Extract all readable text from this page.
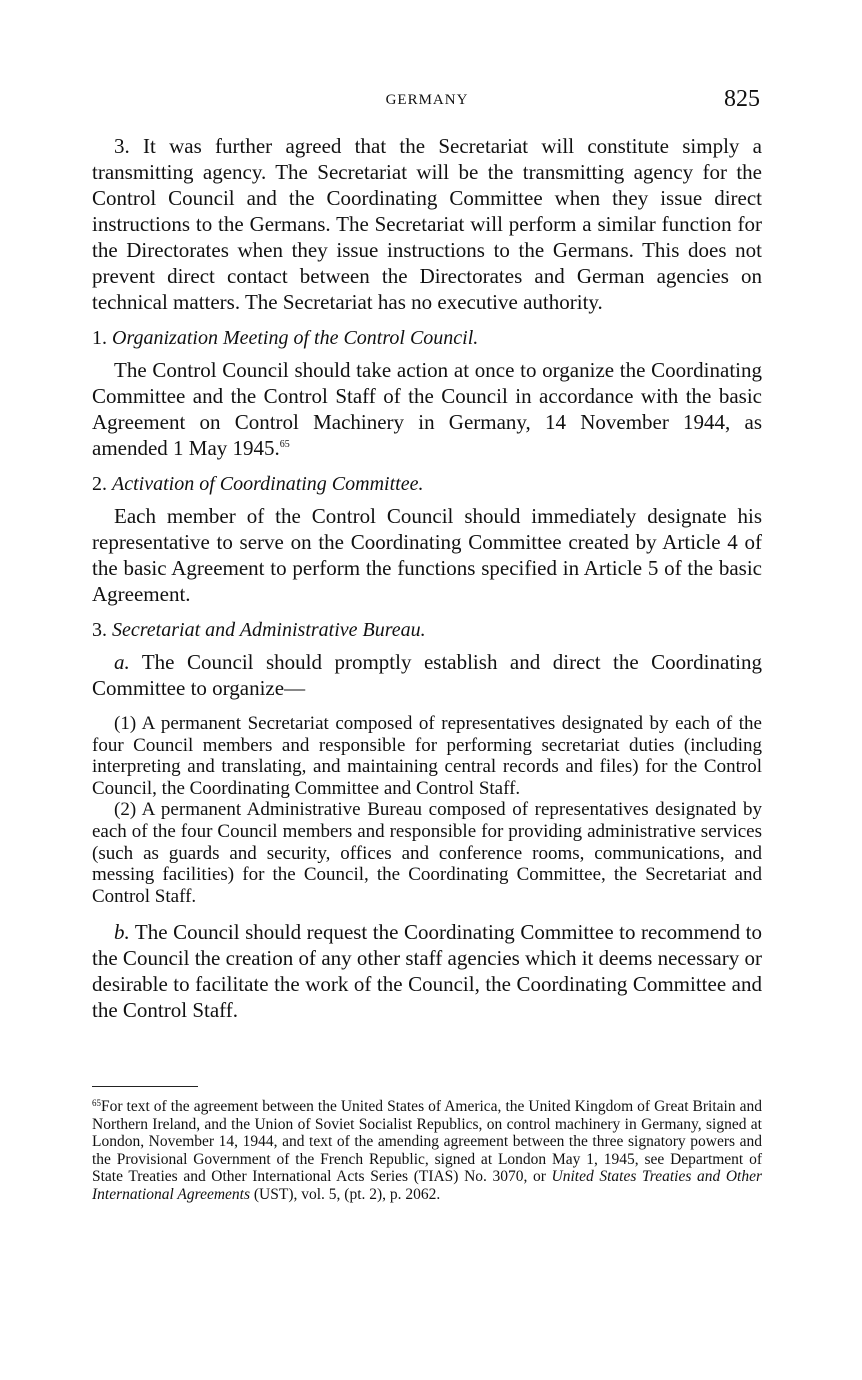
GERMANY	825

3. It was further agreed that the Secretariat will constitute simply a transmitting agency. The Secretariat will be the transmitting agency for the Control Council and the Coordinating Committee when they issue direct instructions to the Germans. The Secretariat will perform a similar function for the Directorates when they issue instructions to the Germans. This does not prevent direct contact between the Directorates and German agencies on technical matters. The Secretariat has no executive authority.

1. Organization Meeting of the Control Council.

The Control Council should take action at once to organize the Coordinating Committee and the Control Staff of the Council in accordance with the basic Agreement on Control Machinery in Germany, 14 November 1944, as amended 1 May 1945.65

2. Activation of Coordinating Committee.

Each member of the Control Council should immediately designate his representative to serve on the Coordinating Committee created by Article 4 of the basic Agreement to perform the functions specified in Article 5 of the basic Agreement.

3. Secretariat and Administrative Bureau.

a. The Council should promptly establish and direct the Coordinating Committee to organize—

(1) A permanent Secretariat composed of representatives designated by each of the four Council members and responsible for performing secretariat duties (including interpreting and translating, and maintaining central records and files) for the Control Council, the Coordinating Committee and Control Staff.

(2) A permanent Administrative Bureau composed of representatives designated by each of the four Council members and responsible for providing administrative services (such as guards and security, offices and conference rooms, communications, and messing facilities) for the Council, the Coordinating Committee, the Secretariat and Control Staff.

b. The Council should request the Coordinating Committee to recommend to the Council the creation of any other staff agencies which it deems necessary or desirable to facilitate the work of the Council, the Coordinating Committee and the Control Staff.

$^{65}$For text of the agreement between the United States of America, the United Kingdom of Great Britain and Northern Ireland, and the Union of Soviet Socialist Republics, on control machinery in Germany, signed at London, November 14, 1944, and text of the amending agreement between the three signatory powers and the Provisional Government of the French Republic, signed at London May 1, 1945, see Department of State Treaties and Other International Acts Series (TIAS) No. 3070, or United States Treaties and Other International Agreements (UST), vol. 5, (pt. 2), p. 2062.
